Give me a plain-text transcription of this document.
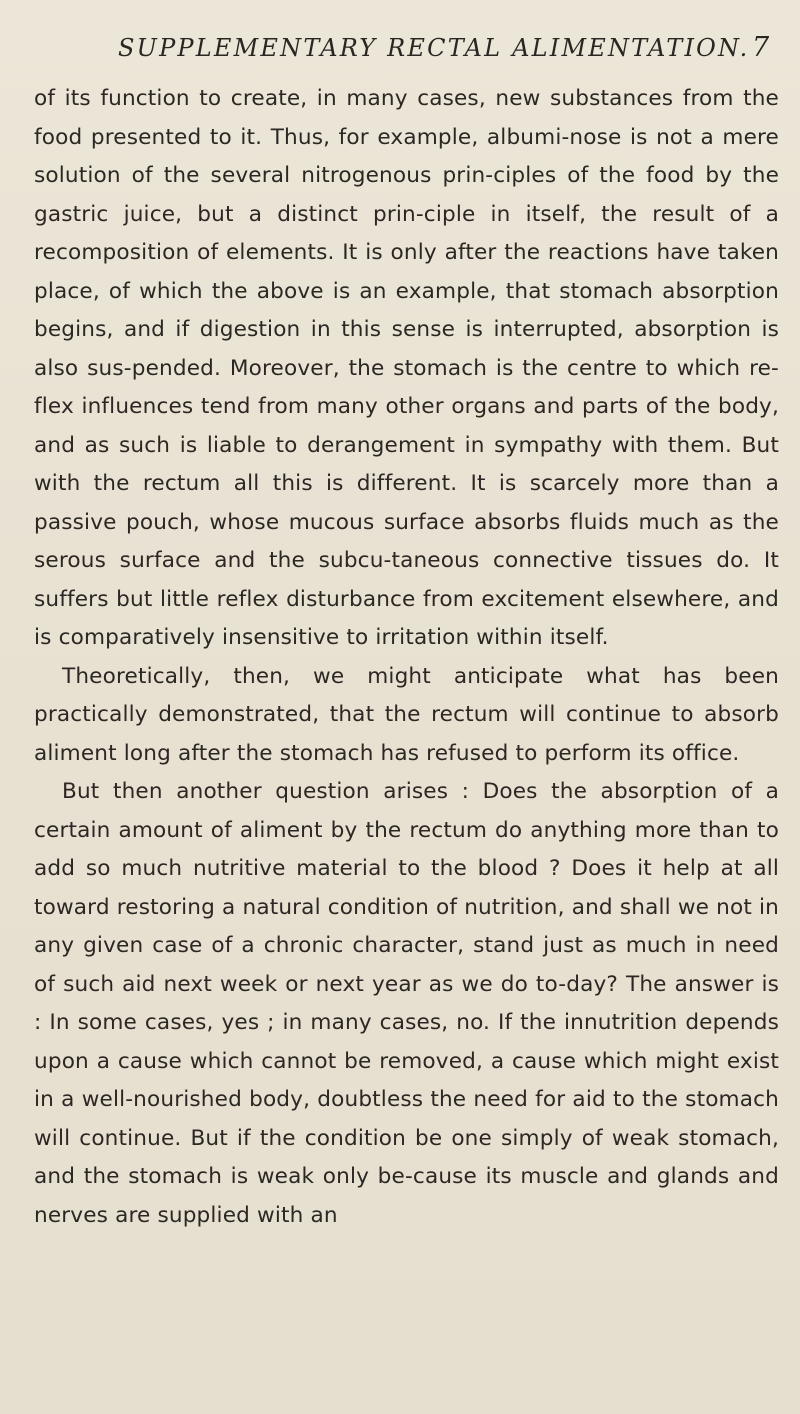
SUPPLEMENTARY RECTAL ALIMENTATION. 7

of its function to create, in many cases, new substances from the food presented to it. Thus, for example, albumi-nose is not a mere solution of the several nitrogenous prin-ciples of the food by the gastric juice, but a distinct prin-ciple in itself, the result of a recomposition of elements. It is only after the reactions have taken place, of which the above is an example, that stomach absorption begins, and if digestion in this sense is interrupted, absorption is also sus-pended. Moreover, the stomach is the centre to which re-flex influences tend from many other organs and parts of the body, and as such is liable to derangement in sympathy with them. But with the rectum all this is different. It is scarcely more than a passive pouch, whose mucous surface absorbs fluids much as the serous surface and the subcu-taneous connective tissues do. It suffers but little reflex disturbance from excitement elsewhere, and is comparatively insensitive to irritation within itself.

Theoretically, then, we might anticipate what has been practically demonstrated, that the rectum will continue to absorb aliment long after the stomach has refused to perform its office.

But then another question arises : Does the absorption of a certain amount of aliment by the rectum do anything more than to add so much nutritive material to the blood ? Does it help at all toward restoring a natural condition of nutrition, and shall we not in any given case of a chronic character, stand just as much in need of such aid next week or next year as we do to-day? The answer is : In some cases, yes ; in many cases, no. If the innutrition depends upon a cause which cannot be removed, a cause which might exist in a well-nourished body, doubtless the need for aid to the stomach will continue. But if the condition be one simply of weak stomach, and the stomach is weak only be-cause its muscle and glands and nerves are supplied with an
